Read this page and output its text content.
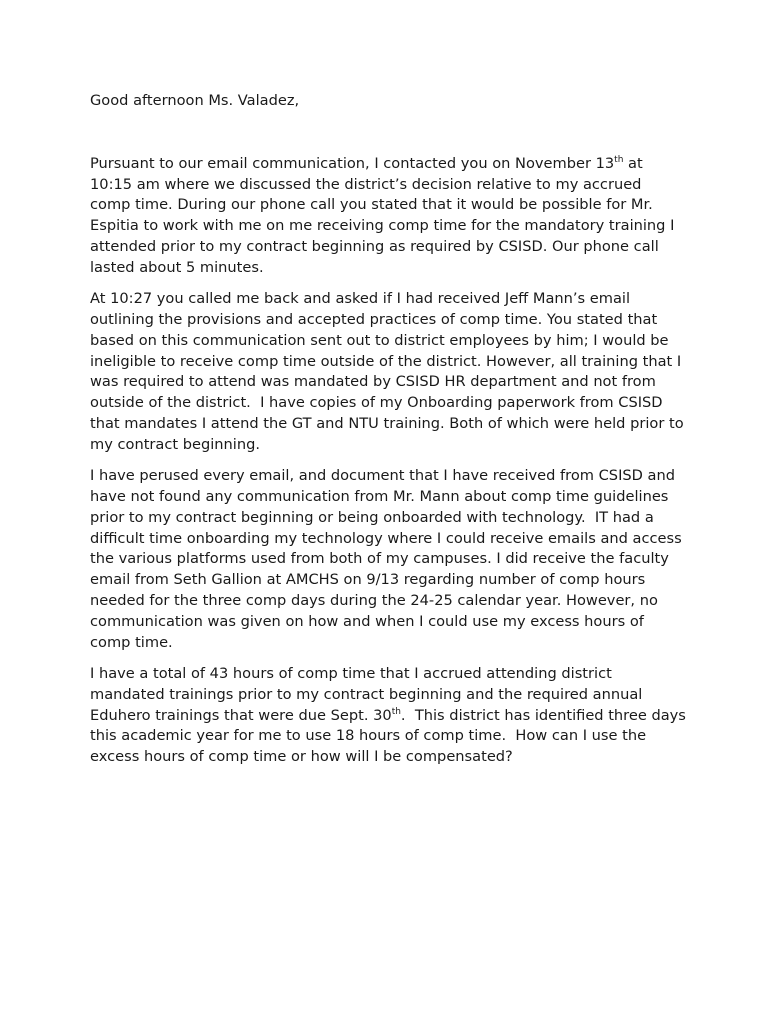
Good afternoon Ms. Valadez,

Pursuant to our email communication, I contacted you on November 13th at 10:15 am where we discussed the district’s decision relative to my accrued comp time. During our phone call you stated that it would be possible for Mr. Espitia to work with me on me receiving comp time for the mandatory training I attended prior to my contract beginning as required by CSISD. Our phone call lasted about 5 minutes.

At 10:27 you called me back and asked if I had received Jeff Mann’s email outlining the provisions and accepted practices of comp time. You stated that based on this communication sent out to district employees by him; I would be ineligible to receive comp time outside of the district. However, all training that I was required to attend was mandated by CSISD HR department and not from outside of the district.  I have copies of my Onboarding paperwork from CSISD that mandates I attend the GT and NTU training. Both of which were held prior to my contract beginning.

I have perused every email, and document that I have received from CSISD and have not found any communication from Mr. Mann about comp time guidelines prior to my contract beginning or being onboarded with technology.  IT had a difficult time onboarding my technology where I could receive emails and access the various platforms used from both of my campuses. I did receive the faculty email from Seth Gallion at AMCHS on 9/13 regarding number of comp hours needed for the three comp days during the 24-25 calendar year. However, no communication was given on how and when I could use my excess hours of comp time.

I have a total of 43 hours of comp time that I accrued attending district mandated trainings prior to my contract beginning and the required annual Eduhero trainings that were due Sept. 30th.  This district has identified three days this academic year for me to use 18 hours of comp time.  How can I use the excess hours of comp time or how will I be compensated?
